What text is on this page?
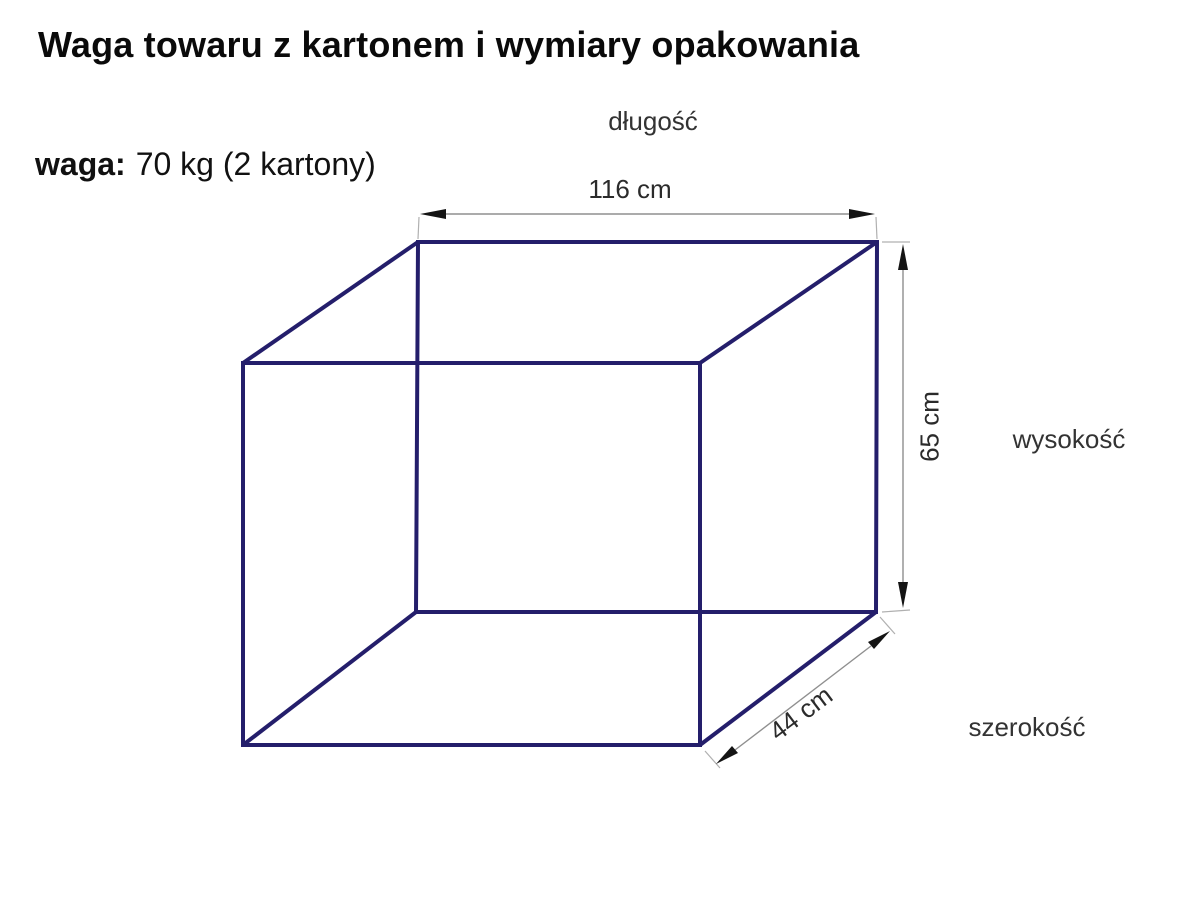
Waga towaru z kartonem i wymiary opakowania
waga: 70 kg (2 kartony)
długość
116 cm
wysokość
65 cm
szerokość
44 cm
